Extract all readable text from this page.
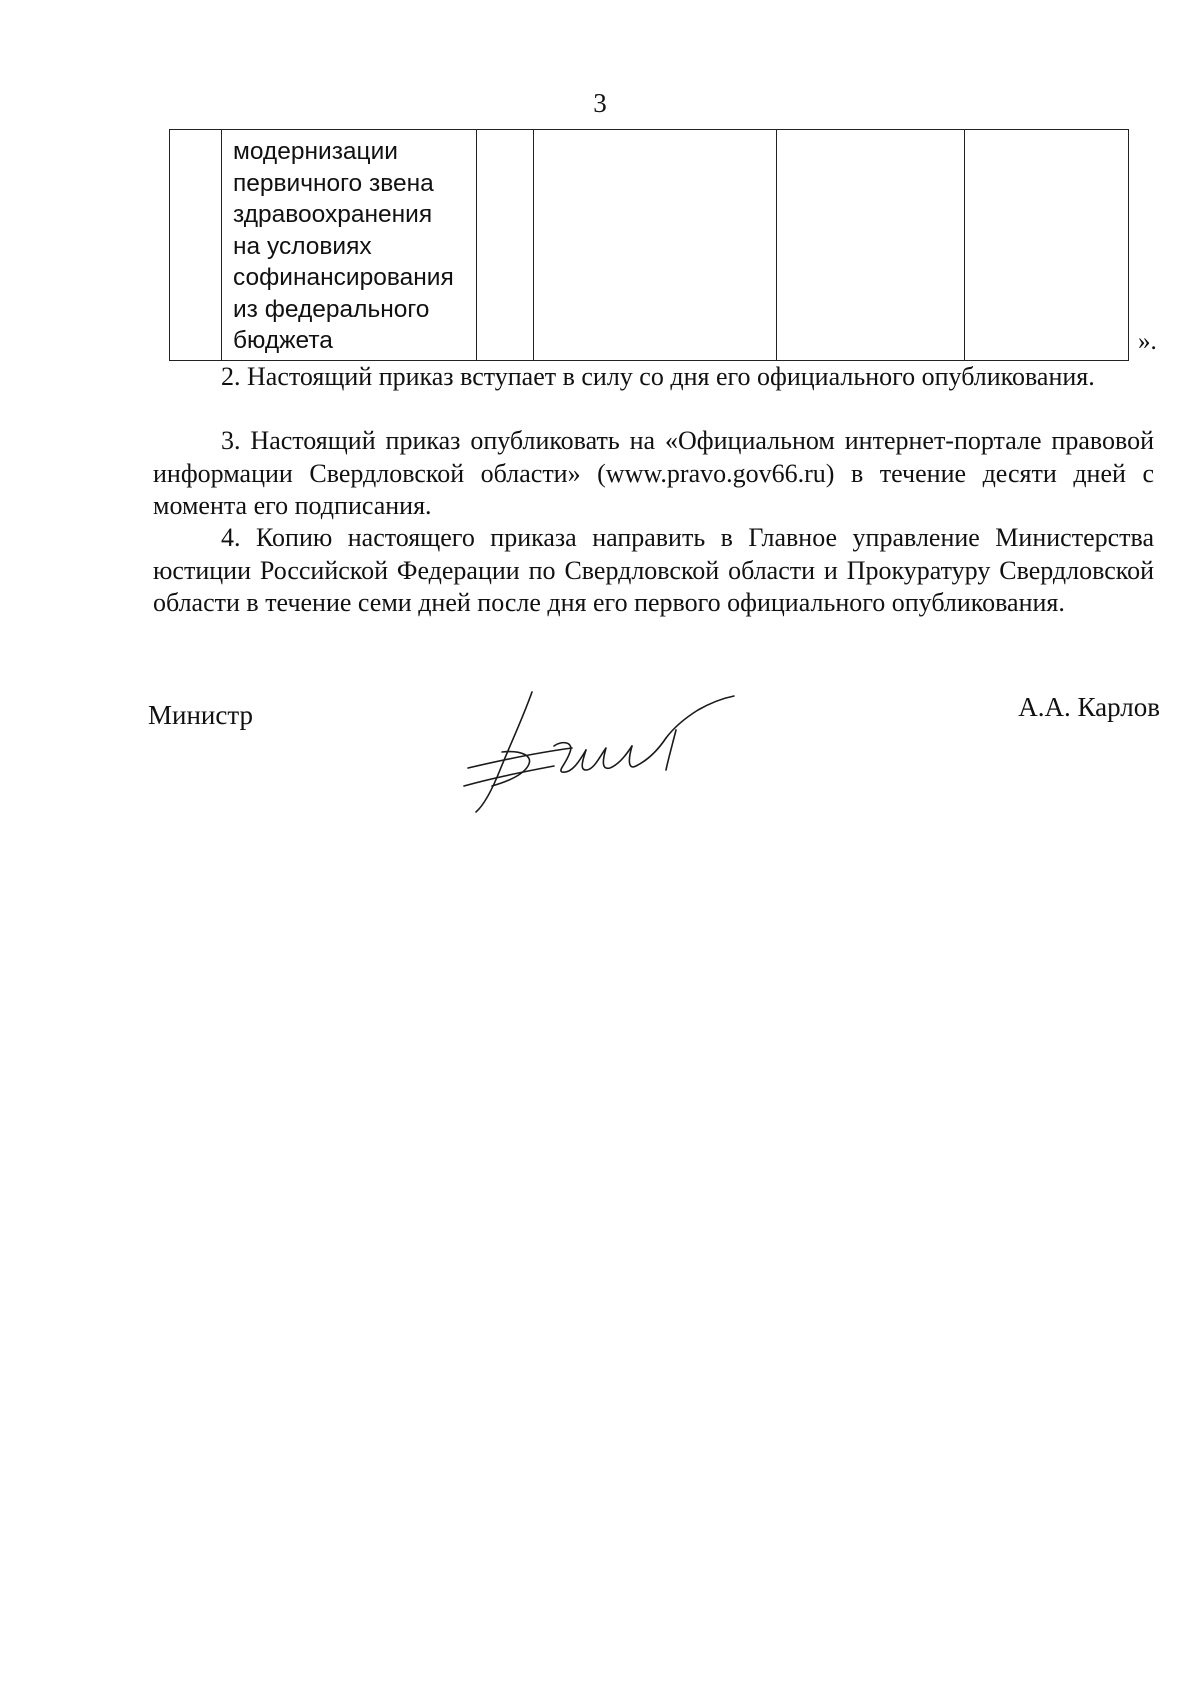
3

модернизации
первичного звена
здравоохранения
на условиях
софинансирования
из федерального
бюджета
					».

2. Настоящий приказ вступает в силу со дня его официального опубликования.

3. Настоящий приказ опубликовать на «Официальном интернет-портале правовой информации Свердловской области» (www.pravo.gov66.ru) в течение десяти дней с момента его подписания.

4. Копию настоящего приказа направить в Главное управление Министерства юстиции Российской Федерации по Свердловской области и Прокуратуру Свердловской области в течение семи дней после дня его первого официального опубликования.

Министр	А.А. Карлов
